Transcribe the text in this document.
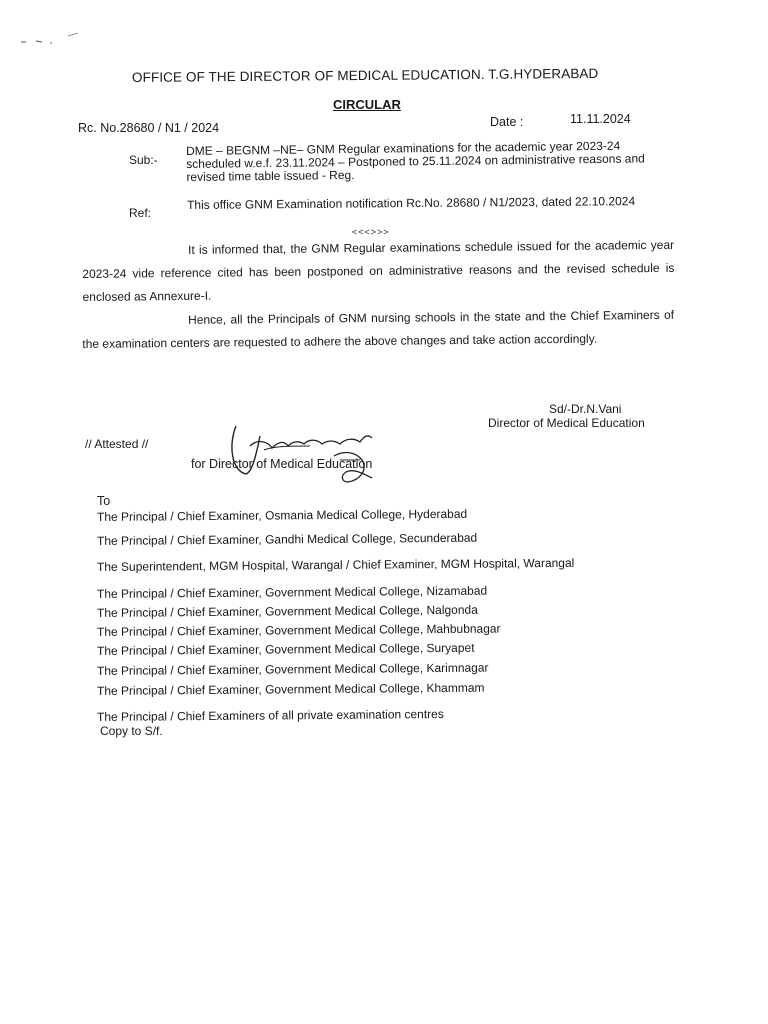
OFFICE OF THE DIRECTOR OF MEDICAL EDUCATION. T.G.HYDERABAD
CIRCULAR
Rc. No.28680 / N1 / 2024	Date :	11.11.2024
Sub:-
DME – BEGNM –NE– GNM Regular examinations for the academic year 2023-24 scheduled w.e.f. 23.11.2024 – Postponed to 25.11.2024 on administrative reasons and revised time table issued - Reg.
Ref:
This office GNM Examination notification Rc.No. 28680 / N1/2023, dated 22.10.2024
<<<>>>
It is informed that, the GNM Regular examinations schedule issued for the academic year 2023-24 vide reference cited has been postponed on administrative reasons and the revised schedule is enclosed as Annexure-I.
Hence, all the Principals of GNM nursing schools in the state and the Chief Examiners of the examination centers are requested to adhere the above changes and take action accordingly.
Sd/-Dr.N.Vani
Director of Medical Education
// Attested //
for Director of Medical Education
To
The Principal / Chief Examiner, Osmania Medical College, Hyderabad
The Principal / Chief Examiner, Gandhi Medical College, Secunderabad
The Superintendent, MGM Hospital, Warangal / Chief Examiner, MGM Hospital, Warangal
The Principal / Chief Examiner, Government Medical College, Nizamabad
The Principal / Chief Examiner, Government Medical College, Nalgonda
The Principal / Chief Examiner, Government Medical College, Mahbubnagar
The Principal / Chief Examiner, Government Medical College, Suryapet
The Principal / Chief Examiner, Government Medical College, Karimnagar
The Principal / Chief Examiner, Government Medical College, Khammam
The Principal / Chief Examiners of all private examination centres
Copy to S/f.
